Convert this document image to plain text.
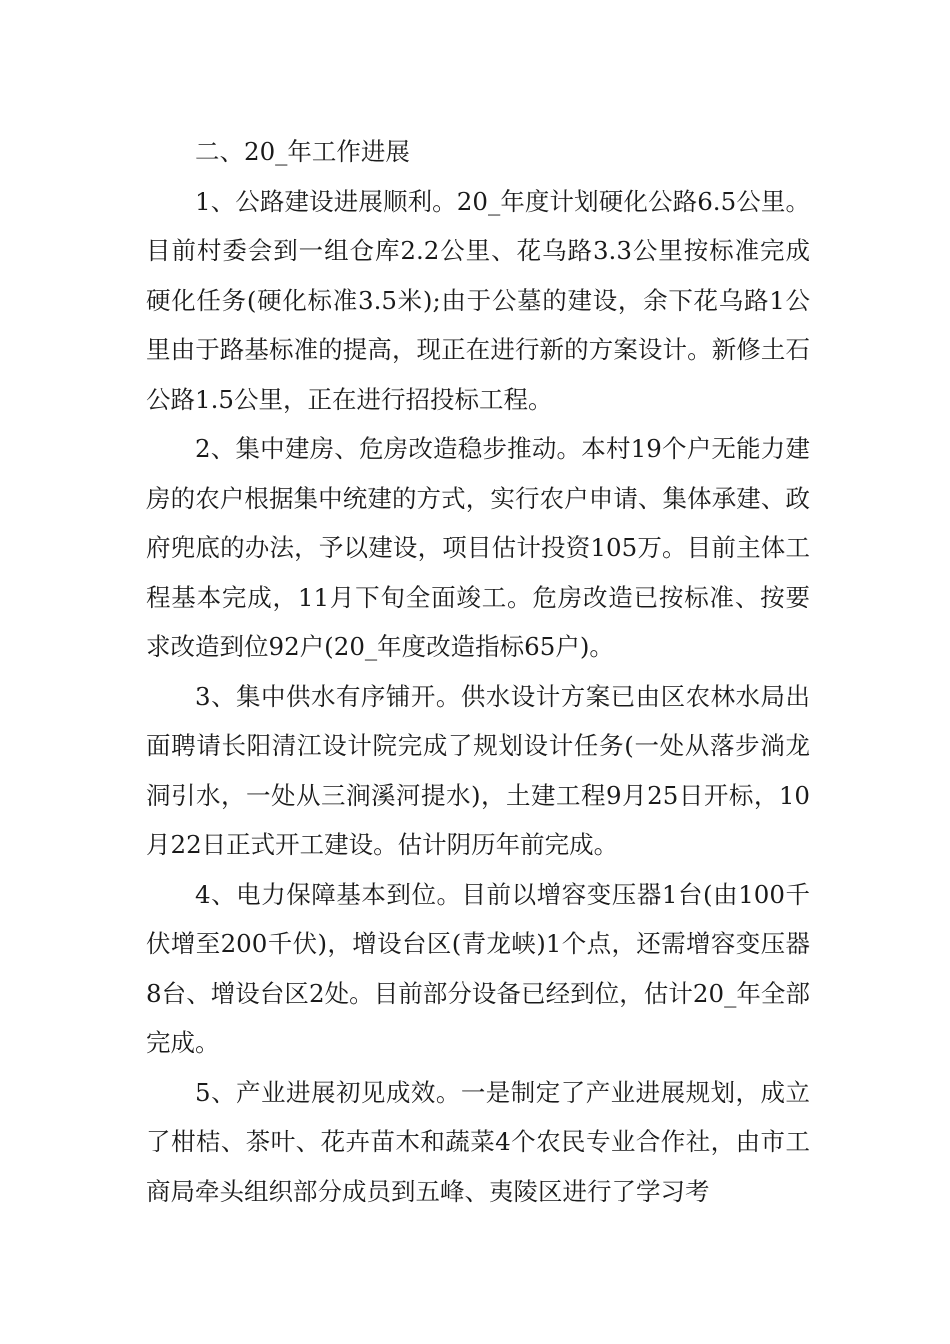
二、20_年工作进展

1、公路建设进展顺利。20_年度计划硬化公路6.5公里。目前村委会到一组仓库2.2公里、花乌路3.3公里按标准完成硬化任务(硬化标准3.5米);由于公墓的建设，余下花乌路1公里由于路基标准的提高，现正在进行新的方案设计。新修土石公路1.5公里，正在进行招投标工程。

2、集中建房、危房改造稳步推动。本村19个户无能力建房的农户根据集中统建的方式，实行农户申请、集体承建、政府兜底的办法，予以建设，项目估计投资105万。目前主体工程基本完成，11月下旬全面竣工。危房改造已按标准、按要求改造到位92户(20_年度改造指标65户)。

3、集中供水有序铺开。供水设计方案已由区农林水局出面聘请长阳清江设计院完成了规划设计任务(一处从落步淌龙洞引水，一处从三涧溪河提水)，土建工程9月25日开标，10月22日正式开工建设。估计阴历年前完成。

4、电力保障基本到位。目前以增容变压器1台(由100千伏增至200千伏)，增设台区(青龙峡)1个点，还需增容变压器8台、增设台区2处。目前部分设备已经到位，估计20_年全部完成。

5、产业进展初见成效。一是制定了产业进展规划，成立了柑桔、茶叶、花卉苗木和蔬菜4个农民专业合作社，由市工商局牵头组织部分成员到五峰、夷陵区进行了学习考
